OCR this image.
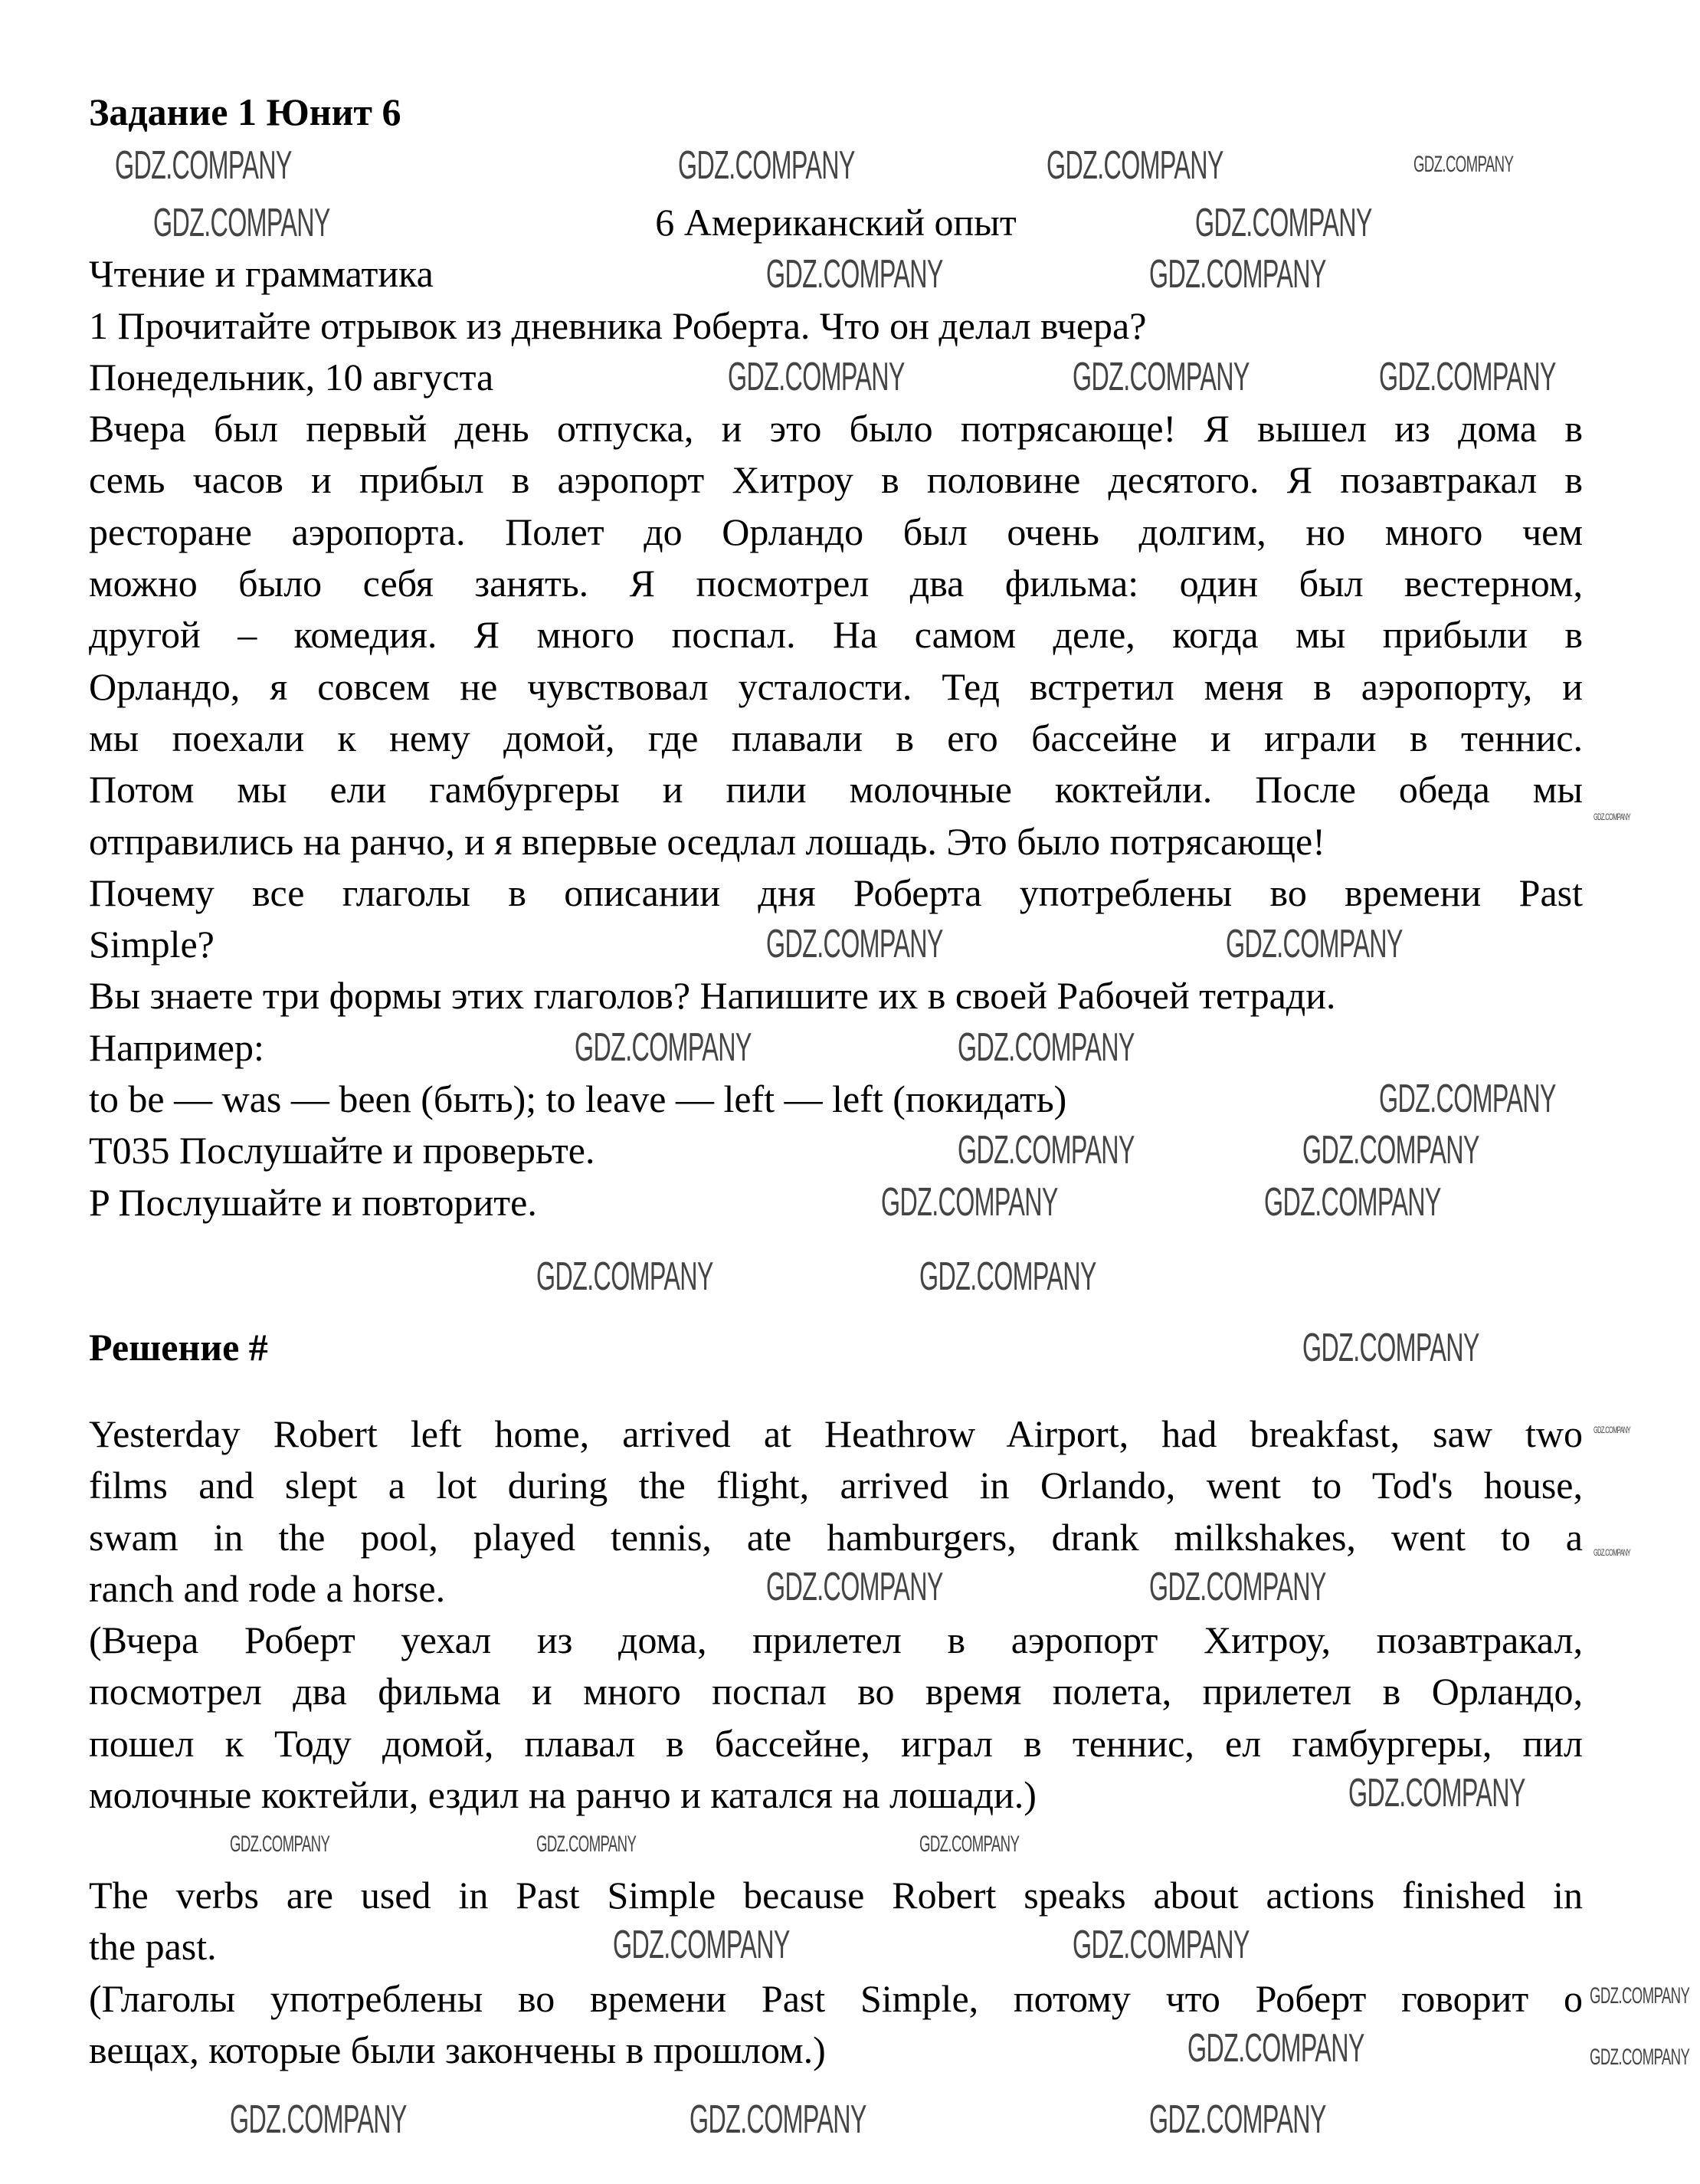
Задание 1 Юнит 6
6 Американский опыт
Чтение и грамматика
1 Прочитайте отрывок из дневника Роберта. Что он делал вчера?
Понедельник, 10 августа
Вчера был первый день отпуска, и это было потрясающе! Я вышел из дома в
семь часов и прибыл в аэропорт Хитроу в половине десятого. Я позавтракал в
ресторане аэропорта. Полет до Орландо был очень долгим, но много чем
можно было себя занять. Я посмотрел два фильма: один был вестерном,
другой – комедия. Я много поспал. На самом деле, когда мы прибыли в
Орландо, я совсем не чувствовал усталости. Тед встретил меня в аэропорту, и
мы поехали к нему домой, где плавали в его бассейне и играли в теннис.
Потом мы ели гамбургеры и пили молочные коктейли. После обеда мы
отправились на ранчо, и я впервые оседлал лошадь. Это было потрясающе!
Почему все глаголы в описании дня Роберта употреблены во времени Past
Simple?
Вы знаете три формы этих глаголов? Напишите их в своей Рабочей тетради.
Например:
to be — was — been (быть); to leave — left — left (покидать)
T035 Послушайте и проверьте.
P Послушайте и повторите.
Решение #
Yesterday Robert left home, arrived at Heathrow Airport, had breakfast, saw two
films and slept a lot during the flight, arrived in Orlando, went to Tod's house,
swam in the pool, played tennis, ate hamburgers, drank milkshakes, went to a
ranch and rode a horse.
(Вчера Роберт уехал из дома, прилетел в аэропорт Хитроу, позавтракал,
посмотрел два фильма и много поспал во время полета, прилетел в Орландо,
пошел к Тоду домой, плавал в бассейне, играл в теннис, ел гамбургеры, пил
молочные коктейли, ездил на ранчо и катался на лошади.)
The verbs are used in Past Simple because Robert speaks about actions finished in
the past.
(Глаголы употреблены во времени Past Simple, потому что Роберт говорит о
вещах, которые были закончены в прошлом.)
GDZ.COMPANY	GDZ.COMPANY	GDZ.COMPANY	GDZ.COMPANY
GDZ.COMPANY	GDZ.COMPANY
GDZ.COMPANY	GDZ.COMPANY
GDZ.COMPANY	GDZ.COMPANY	GDZ.COMPANY
GDZ.COMPANY	GDZ.COMPANY
GDZ.COMPANY	GDZ.COMPANY
GDZ.COMPANY
GDZ.COMPANY	GDZ.COMPANY
GDZ.COMPANY	GDZ.COMPANY
GDZ.COMPANY	GDZ.COMPANY
GDZ.COMPANY
GDZ.COMPANY	GDZ.COMPANY
GDZ.COMPANY
GDZ.COMPANY	GDZ.COMPANY	GDZ.COMPANY
GDZ.COMPANY	GDZ.COMPANY
GDZ.COMPANY
GDZ.COMPANY	GDZ.COMPANY	GDZ.COMPANY
GDZ.COMPANY
GDZ.COMPANY
GDZ.COMPANY
GDZ.COMPANY
GDZ.COMPANY
